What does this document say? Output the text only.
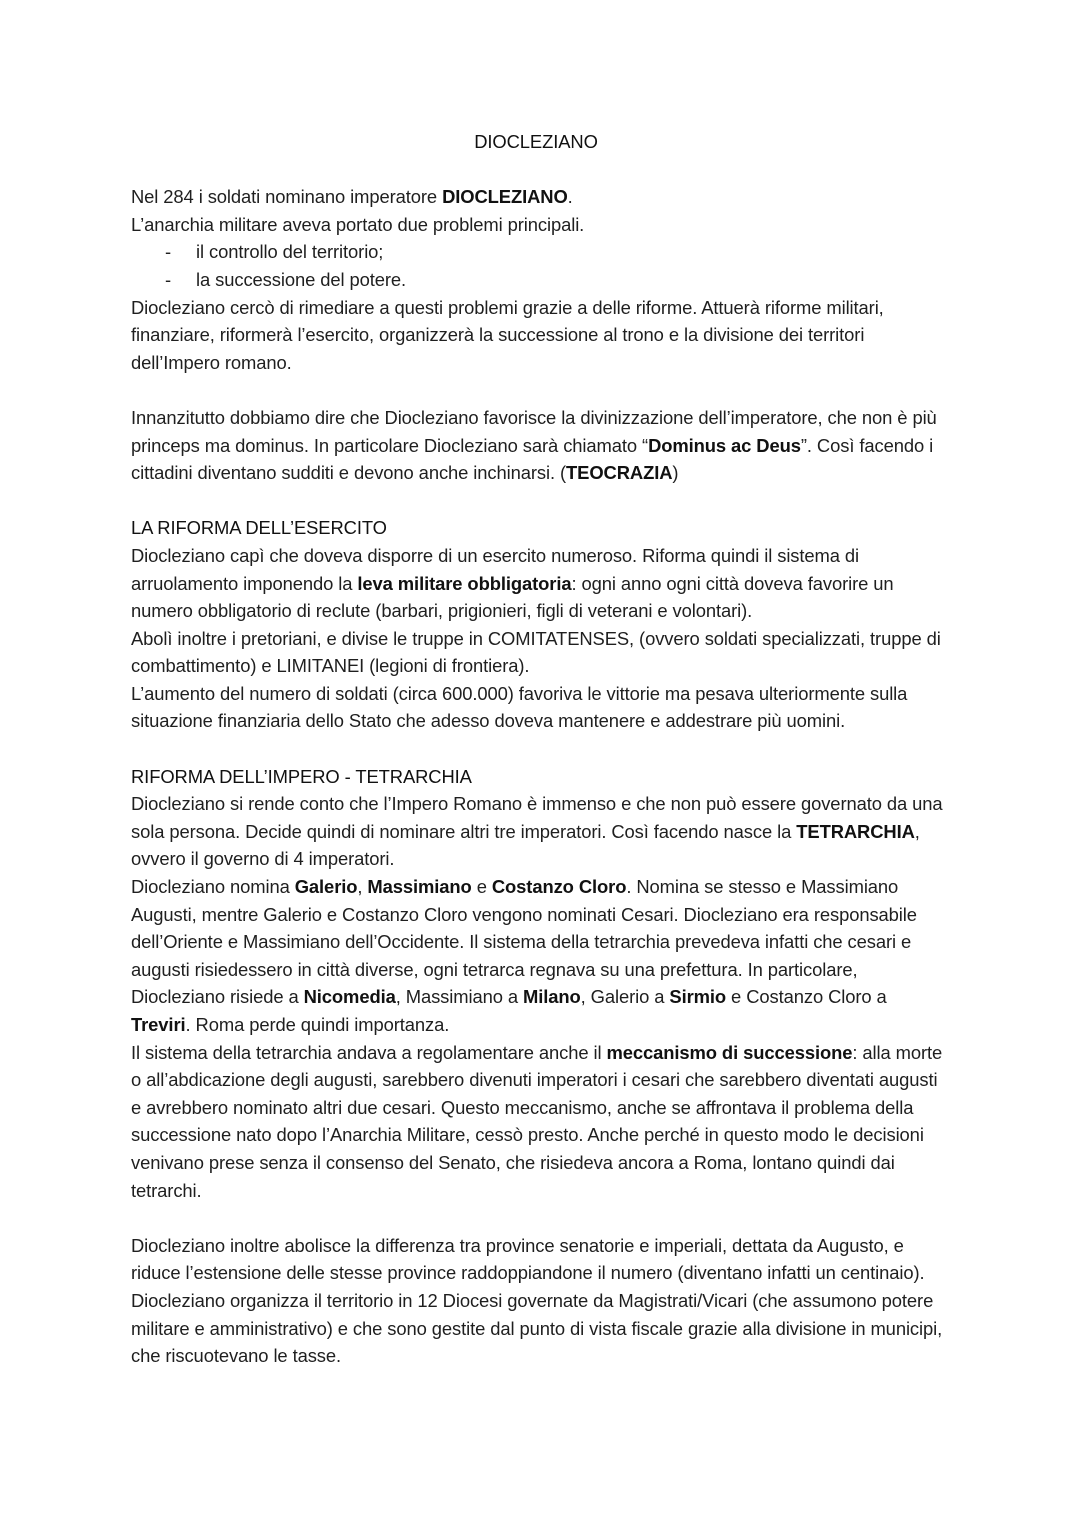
DIOCLEZIANO

Nel 284 i soldati nominano imperatore DIOCLEZIANO.

L’anarchia militare aveva portato due problemi principali.

- il controllo del territorio;
- la successione del potere.

Diocleziano cercò di rimediare a questi problemi grazie a delle riforme. Attuerà riforme militari, finanziare, riformerà l’esercito, organizzerà la successione al trono e la divisione dei territori dell’Impero romano.

Innanzitutto dobbiamo dire che Diocleziano favorisce la divinizzazione dell’imperatore, che non è più princeps ma dominus. In particolare Diocleziano sarà chiamato “Dominus ac Deus”. Così facendo i cittadini diventano sudditi e devono anche inchinarsi. (TEOCRAZIA)

LA RIFORMA DELL’ESERCITO

Diocleziano capì che doveva disporre di un esercito numeroso. Riforma quindi il sistema di arruolamento imponendo la leva militare obbligatoria: ogni anno ogni città doveva favorire un numero obbligatorio di reclute (barbari, prigionieri, figli di veterani e volontari).

Abolì inoltre i pretoriani, e divise le truppe in COMITATENSES, (ovvero soldati specializzati, truppe di combattimento) e LIMITANEI (legioni di frontiera).

L’aumento del numero di soldati (circa 600.000) favoriva le vittorie ma pesava ulteriormente sulla situazione finanziaria dello Stato che adesso doveva mantenere e addestrare più uomini.

RIFORMA DELL’IMPERO - TETRARCHIA

Diocleziano si rende conto che l’Impero Romano è immenso e che non può essere governato da una sola persona. Decide quindi di nominare altri tre imperatori. Così facendo nasce la TETRARCHIA, ovvero il governo di 4 imperatori.

Diocleziano nomina Galerio, Massimiano e Costanzo Cloro. Nomina se stesso e Massimiano Augusti, mentre Galerio e Costanzo Cloro vengono nominati Cesari. Diocleziano era responsabile dell’Oriente e Massimiano dell’Occidente. Il sistema della tetrarchia prevedeva infatti che cesari e augusti risiedessero in città diverse, ogni tetrarca regnava su una prefettura. In particolare, Diocleziano risiede a Nicomedia, Massimiano a Milano, Galerio a Sirmio e Costanzo Cloro a Treviri. Roma perde quindi importanza.

Il sistema della tetrarchia andava a regolamentare anche il meccanismo di successione: alla morte o all’abdicazione degli augusti, sarebbero divenuti imperatori i cesari che sarebbero diventati augusti e avrebbero nominato altri due cesari. Questo meccanismo, anche se affrontava il problema della successione nato dopo l’Anarchia Militare, cessò presto. Anche perché in questo modo le decisioni venivano prese senza il consenso del Senato, che risiedeva ancora a Roma, lontano quindi dai tetrarchi.

Diocleziano inoltre abolisce la differenza tra province senatorie e imperiali, dettata da Augusto, e riduce l’estensione delle stesse province raddoppiandone il numero (diventano infatti un centinaio).

Diocleziano organizza il territorio in 12 Diocesi governate da Magistrati/Vicari (che assumono potere militare e amministrativo) e che sono gestite dal punto di vista fiscale grazie alla divisione in municipi, che riscuotevano le tasse.
